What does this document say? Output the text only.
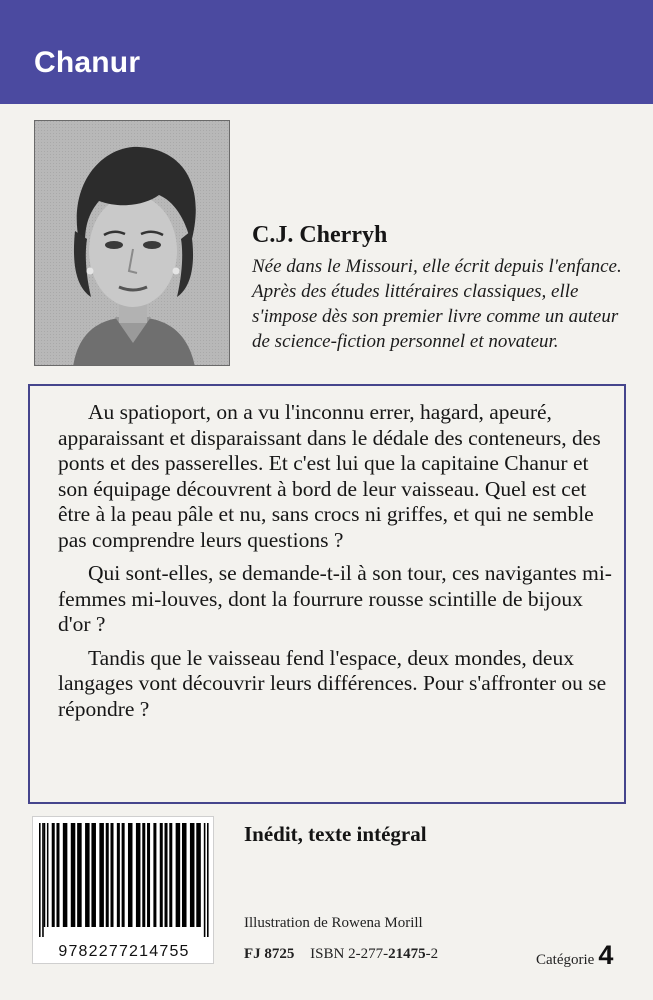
Chanur
C.J. Cherryh
Née dans le Missouri, elle écrit depuis l'enfance. Après des études littéraires classiques, elle s'impose dès son premier livre comme un auteur de science-fiction personnel et novateur.

Au spatioport, on a vu l'inconnu errer, hagard, apeuré, apparaissant et disparaissant dans le dédale des conteneurs, des ponts et des passerelles. Et c'est lui que la capitaine Chanur et son équipage découvrent à bord de leur vaisseau. Quel est cet être à la peau pâle et nu, sans crocs ni griffes, et qui ne semble pas comprendre leurs questions ?

Qui sont-elles, se demande-t-il à son tour, ces navigantes mi-femmes mi-louves, dont la fourrure rousse scintille de bijoux d'or ?

Tandis que le vaisseau fend l'espace, deux mondes, deux langages vont découvrir leurs différences. Pour s'affronter ou se répondre ?

9782277214755
Inédit, texte intégral
Illustration de Rowena Morill
FJ 8725 ISBN 2-277-21475-2	Catégorie 4
